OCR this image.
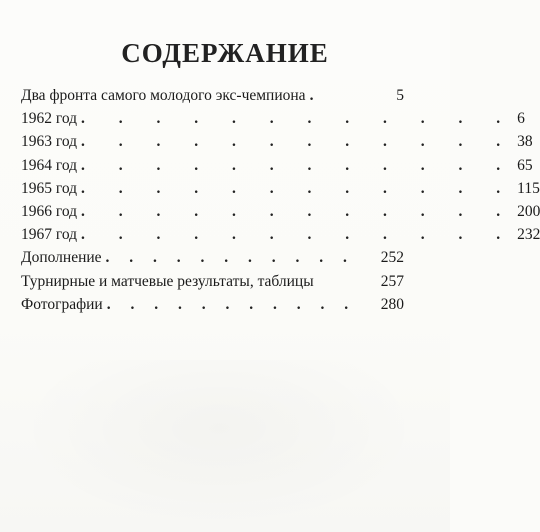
СОДЕРЖАНИЕ
Два фронта самого молодого экс-чемпиона .	5
1962 год . . . . . . . . . . . . 6
1963 год . . . . . . . . . . . . 38
1964 год . . . . . . . . . . . . 65
1965 год . . . . . . . . . . . . 115
1966 год . . . . . . . . . . . . 200
1967 год . . . . . . . . . . . . 232
Дополнение . . . . . . . . . . .	252
Турнирные и матчевые результаты, таблицы	257
Фотографии . . . . . . . . . . .	280
